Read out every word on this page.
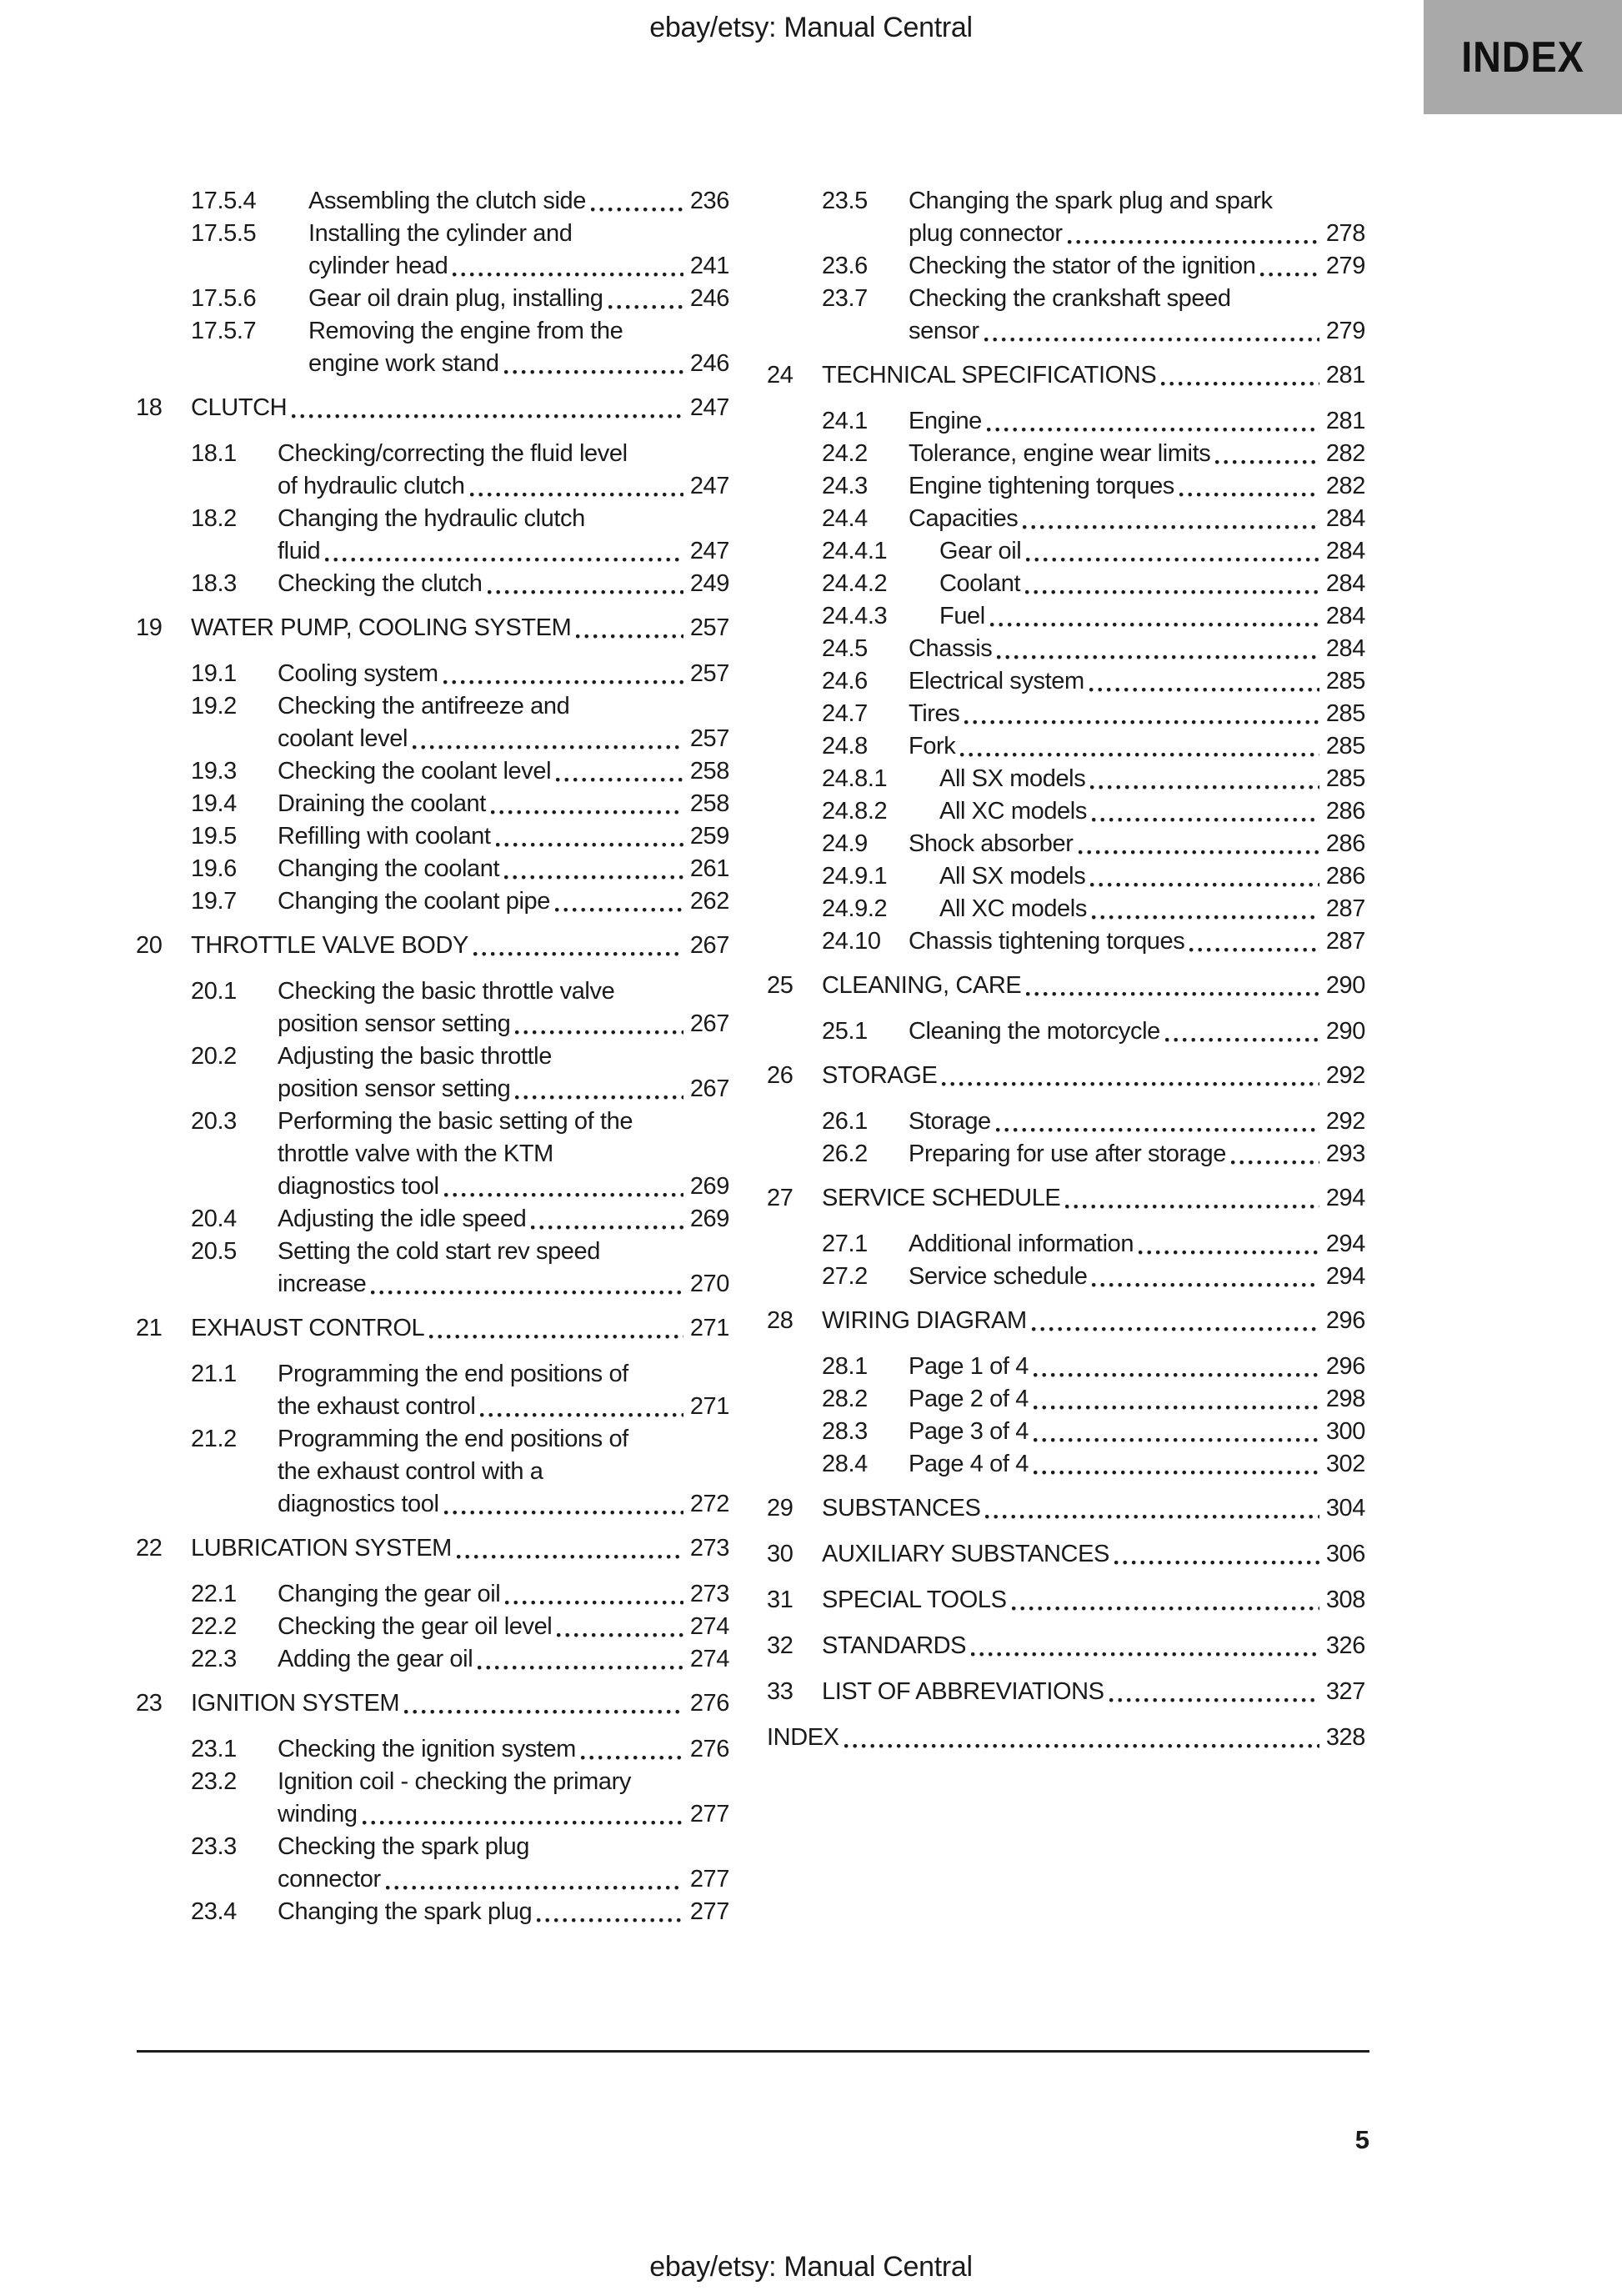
ebay/etsy: Manual Central
INDEX
17.5.4	Assembling the clutch side	236
17.5.5	Installing the cylinder and
cylinder head	241
17.5.6	Gear oil drain plug, installing	246
17.5.7	Removing the engine from the
engine work stand	246
18	CLUTCH	247
18.1	Checking/correcting the fluid level
of hydraulic clutch	247
18.2	Changing the hydraulic clutch
fluid	247
18.3	Checking the clutch	249
19	WATER PUMP, COOLING SYSTEM	257
19.1	Cooling system	257
19.2	Checking the antifreeze and
coolant level	257
19.3	Checking the coolant level	258
19.4	Draining the coolant	258
19.5	Refilling with coolant	259
19.6	Changing the coolant	261
19.7	Changing the coolant pipe	262
20	THROTTLE VALVE BODY	267
20.1	Checking the basic throttle valve
position sensor setting	267
20.2	Adjusting the basic throttle
position sensor setting	267
20.3	Performing the basic setting of the
throttle valve with the KTM
diagnostics tool	269
20.4	Adjusting the idle speed	269
20.5	Setting the cold start rev speed
increase	270
21	EXHAUST CONTROL	271
21.1	Programming the end positions of
the exhaust control	271
21.2	Programming the end positions of
the exhaust control with a
diagnostics tool	272
22	LUBRICATION SYSTEM	273
22.1	Changing the gear oil	273
22.2	Checking the gear oil level	274
22.3	Adding the gear oil	274
23	IGNITION SYSTEM	276
23.1	Checking the ignition system	276
23.2	Ignition coil - checking the primary
winding	277
23.3	Checking the spark plug
connector	277
23.4	Changing the spark plug	277
23.5	Changing the spark plug and spark
plug connector	278
23.6	Checking the stator of the ignition	279
23.7	Checking the crankshaft speed
sensor	279
24	TECHNICAL SPECIFICATIONS	281
24.1	Engine	281
24.2	Tolerance, engine wear limits	282
24.3	Engine tightening torques	282
24.4	Capacities	284
24.4.1	Gear oil	284
24.4.2	Coolant	284
24.4.3	Fuel	284
24.5	Chassis	284
24.6	Electrical system	285
24.7	Tires	285
24.8	Fork	285
24.8.1	All SX models	285
24.8.2	All XC models	286
24.9	Shock absorber	286
24.9.1	All SX models	286
24.9.2	All XC models	287
24.10	Chassis tightening torques	287
25	CLEANING, CARE	290
25.1	Cleaning the motorcycle	290
26	STORAGE	292
26.1	Storage	292
26.2	Preparing for use after storage	293
27	SERVICE SCHEDULE	294
27.1	Additional information	294
27.2	Service schedule	294
28	WIRING DIAGRAM	296
28.1	Page 1 of 4	296
28.2	Page 2 of 4	298
28.3	Page 3 of 4	300
28.4	Page 4 of 4	302
29	SUBSTANCES	304
30	AUXILIARY SUBSTANCES	306
31	SPECIAL TOOLS	308
32	STANDARDS	326
33	LIST OF ABBREVIATIONS	327
INDEX	328
5
ebay/etsy: Manual Central
